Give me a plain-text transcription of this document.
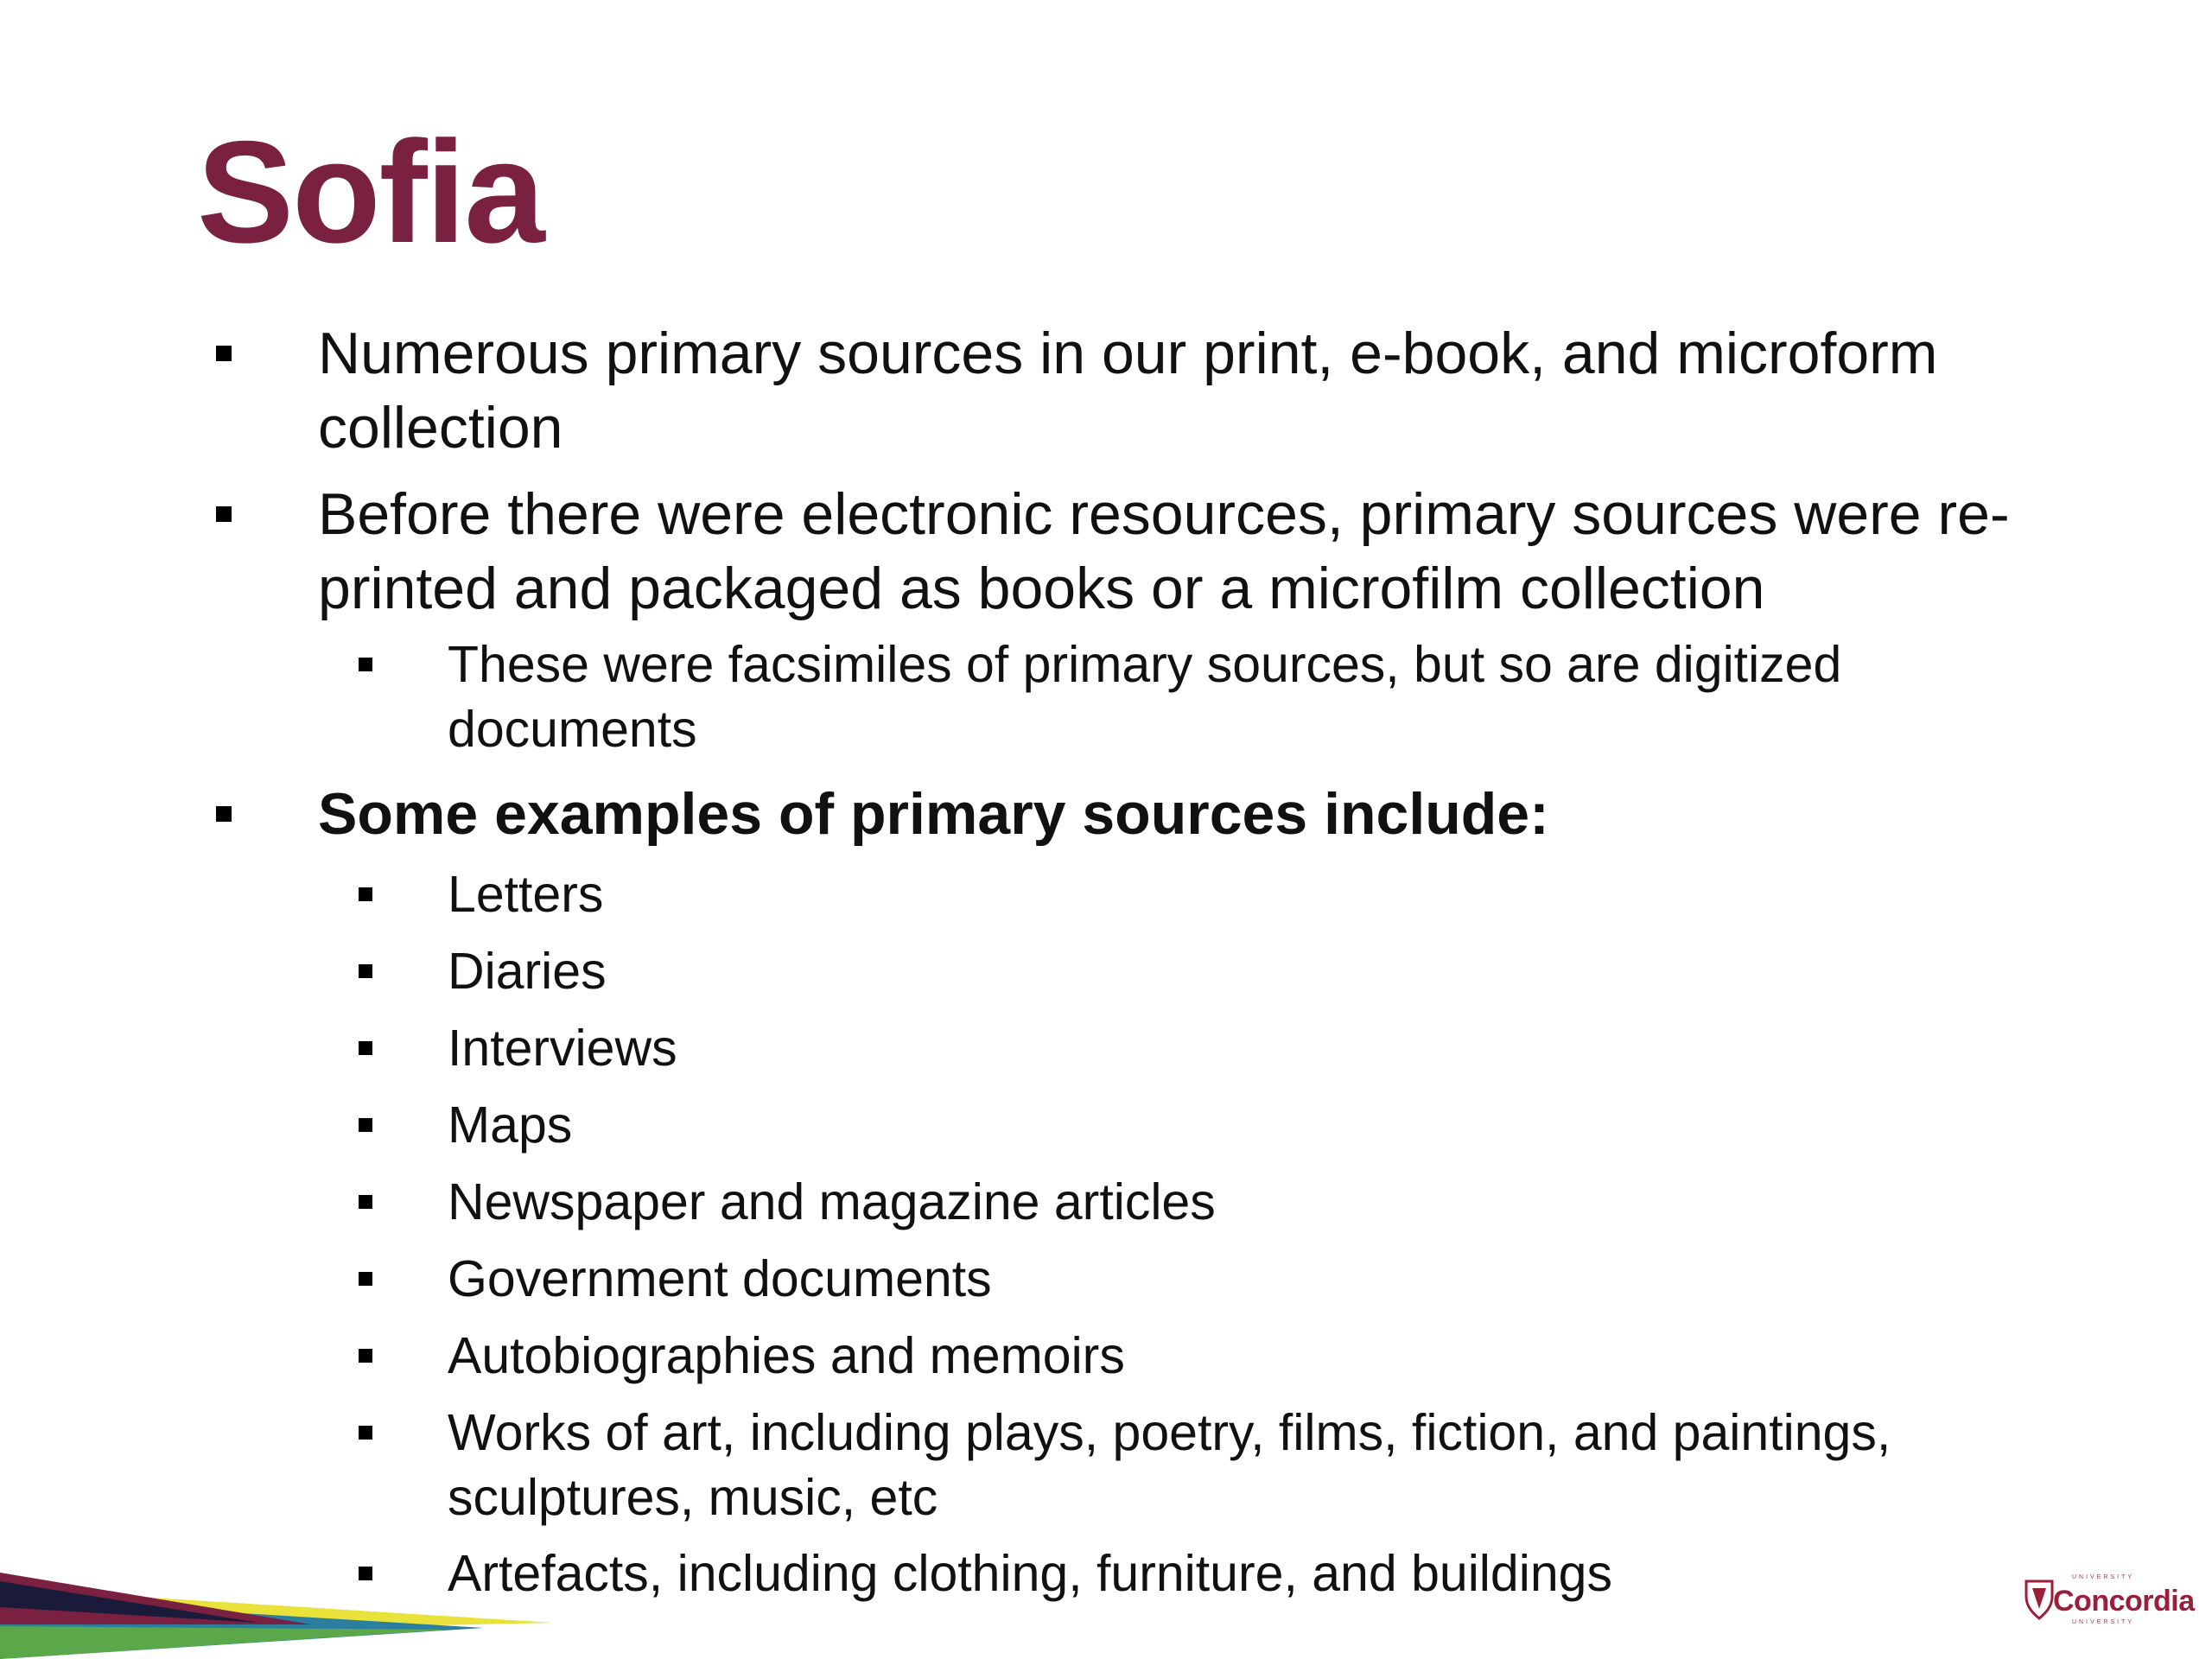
Sofia

Numerous primary sources in our print, e-book, and microform collection

Before there were electronic resources, primary sources were re-printed and packaged as books or a microfilm collection

These were facsimiles of primary sources, but so are digitized documents

Some examples of primary sources include:

Letters

Diaries

Interviews

Maps

Newspaper and magazine articles

Government documents

Autobiographies and memoirs

Works of art, including plays, poetry, films, fiction, and paintings, sculptures, music, etc

Artefacts, including clothing, furniture, and buildings	UNIVERSITY
Concordia
UNIVERSITY
